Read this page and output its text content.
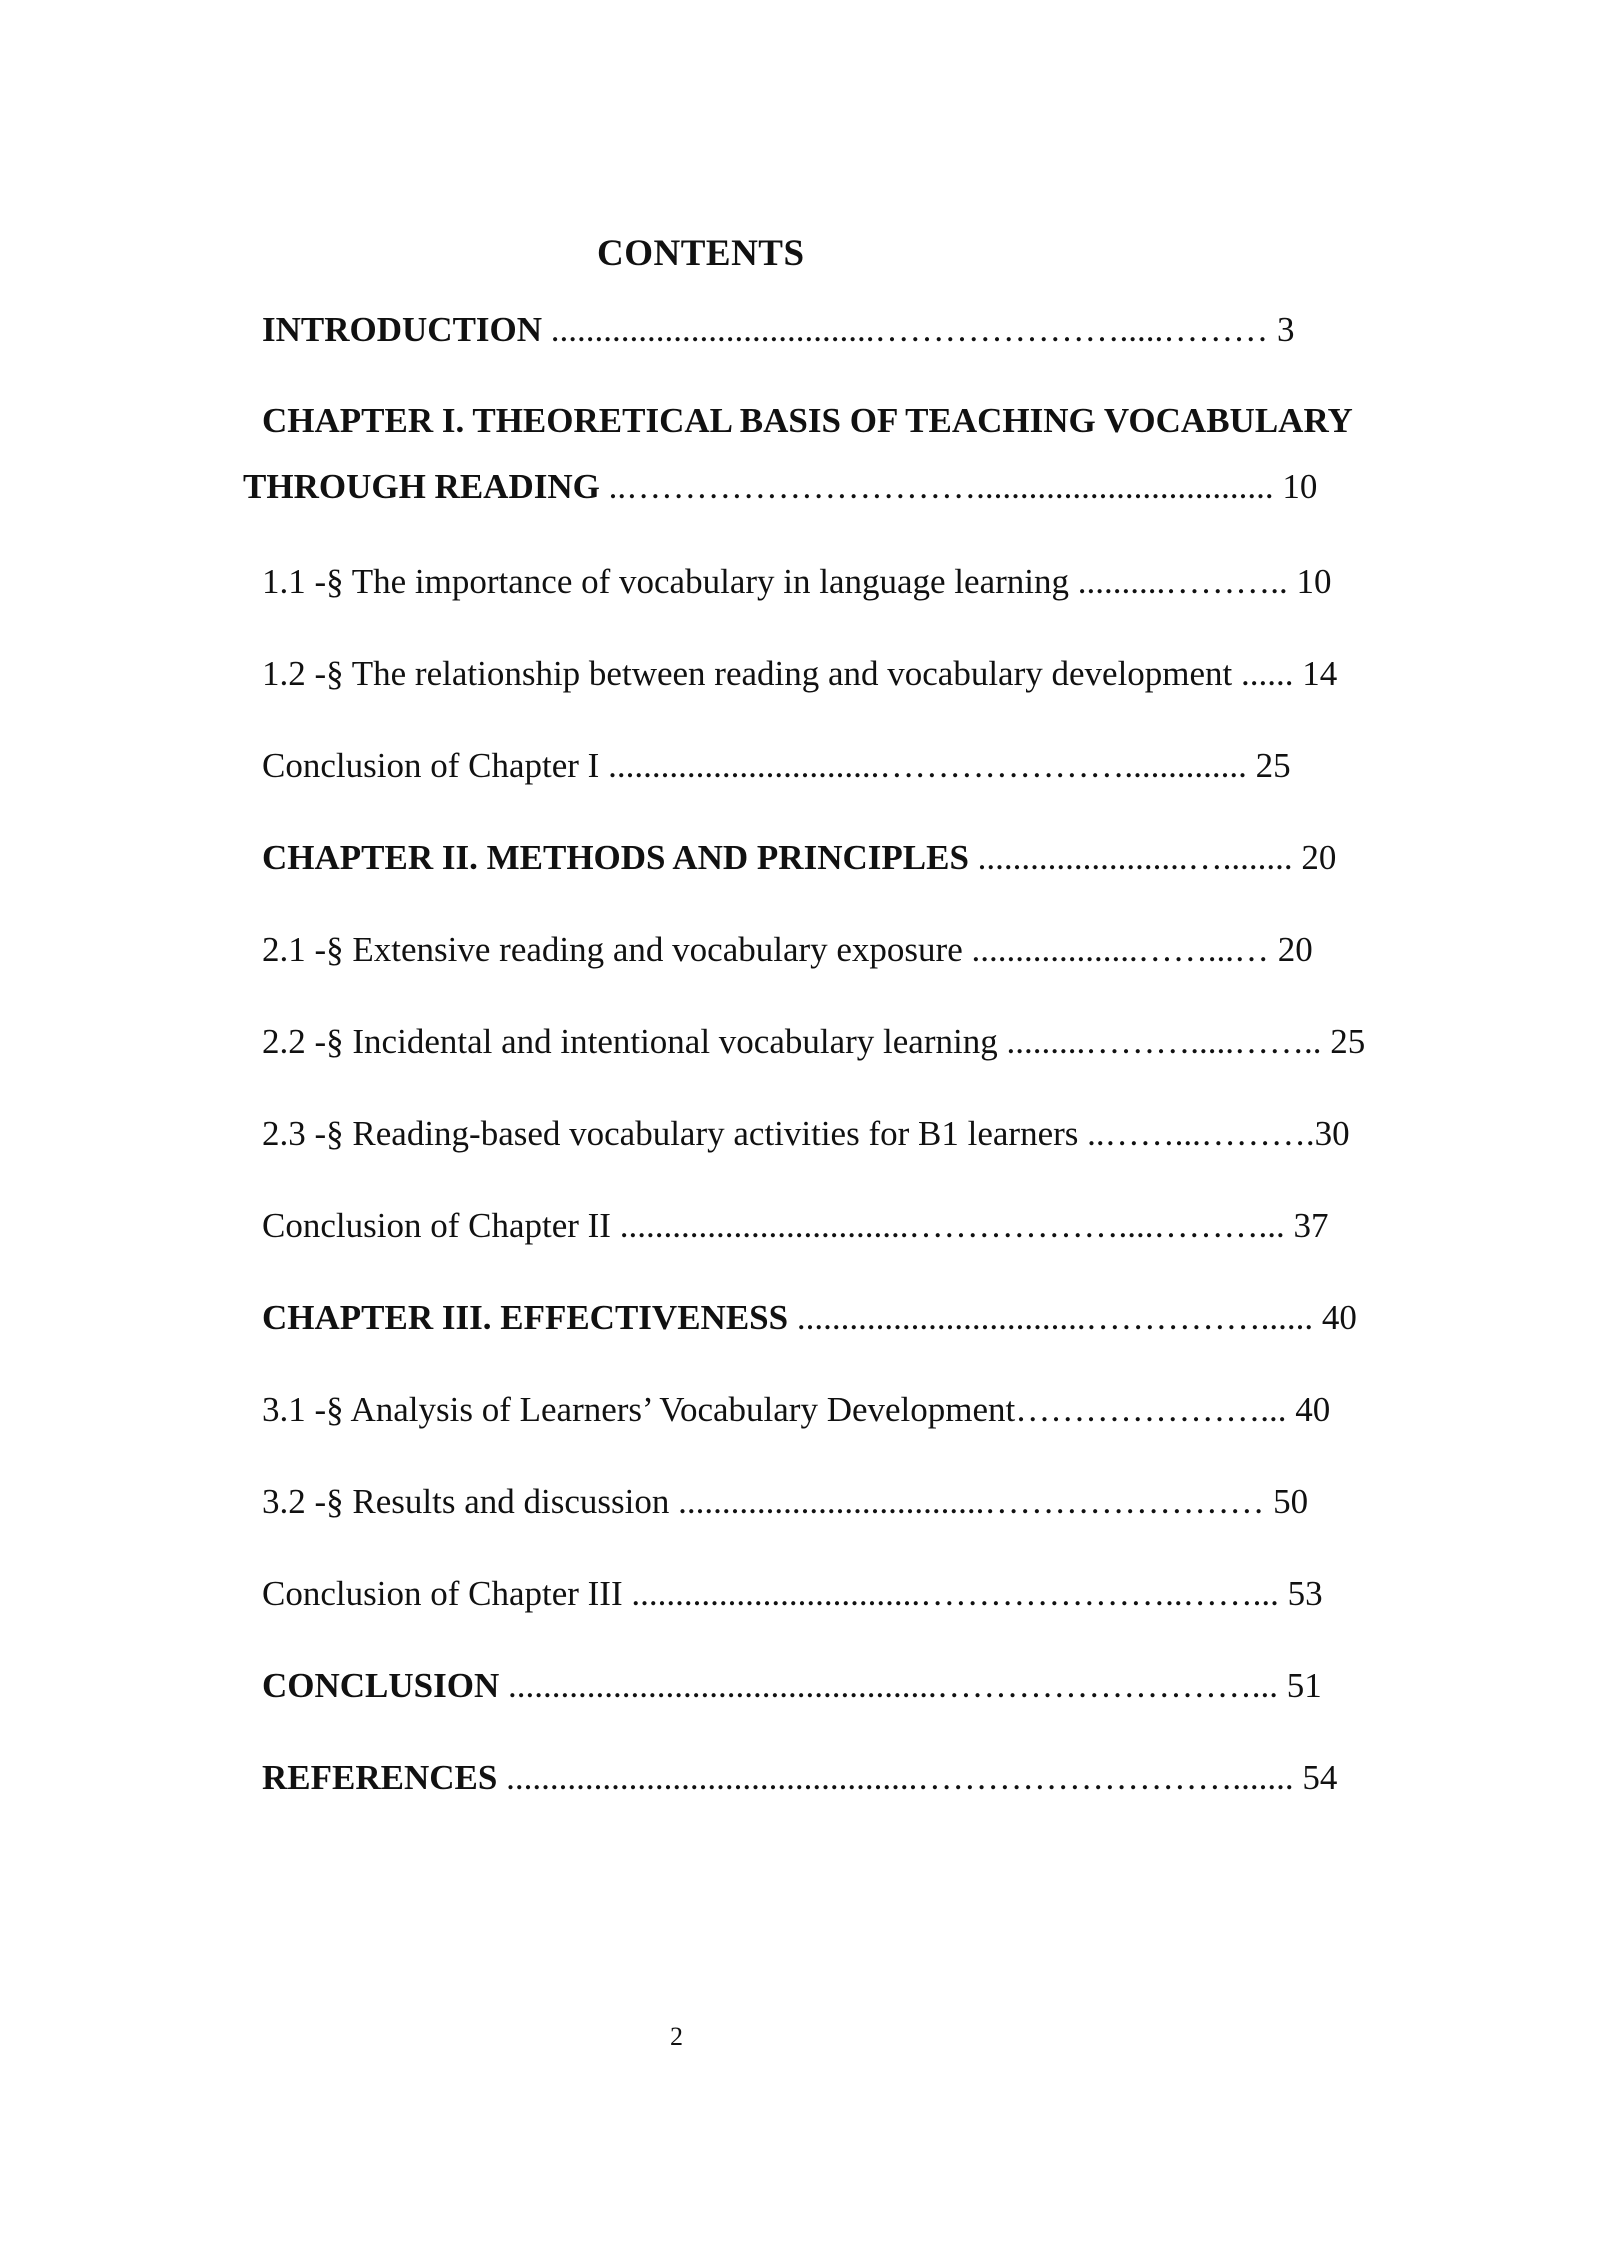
CONTENTS
INTRODUCTION .....................................………………….....……… 3
CHAPTER I. THEORETICAL BASIS OF TEACHING VOCABULARY
THROUGH READING ..………………………….................................. 10
1.1 -§ The importance of vocabulary in language learning ..........……….. 10
1.2 -§ The relationship between reading and vocabulary development ...... 14
Conclusion of Chapter I ...............................………………….............. 25
CHAPTER II. METHODS AND PRINCIPLES ........................…........ 20
2.1 -§ Extensive reading and vocabulary exposure ...................……...… 20
2.2 -§ Incidental and intentional vocabulary learning .........……….....…….. 25
2.3 -§ Reading-based vocabulary activities for B1 learners ..……...……….30
Conclusion of Chapter II .................................………………....………... 37
CHAPTER III. EFFECTIVENESS .................................……………...... 40
3.1 -§ Analysis of Learners’ Vocabulary Development…………………... 40
3.2 -§ Results and discussion ...................................…………………… 50
Conclusion of Chapter III .................................…………………..……... 53
CONCLUSION .................................................………………………... 51
REFERENCES ...............................................………………………....... 54
2
